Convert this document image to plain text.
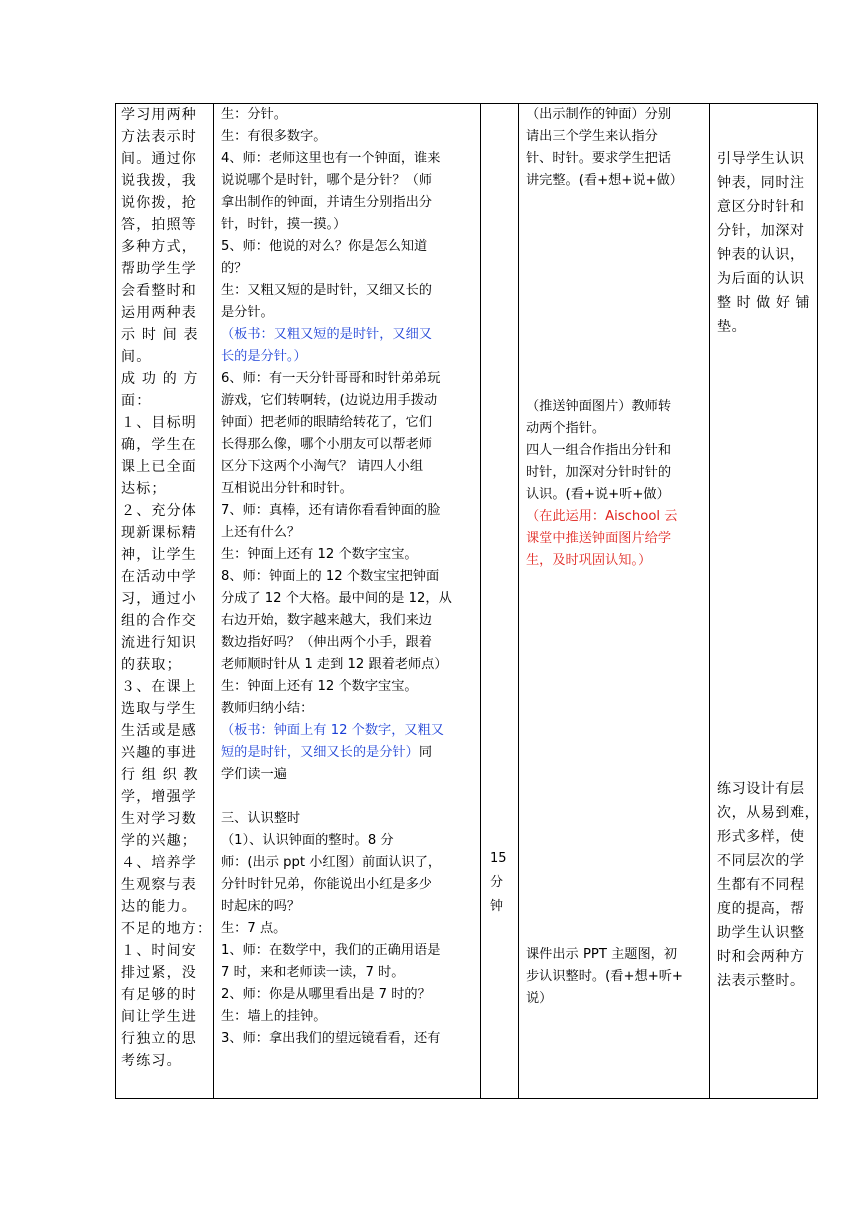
学习用两种
方法表示时
间。通过你
说我拨，我
说你拨，抢
答，拍照等
多种方式，
帮助学生学
会看整时和
运用两种表
示 时 间 表
间。
成 功 的 方
面：
１、目标明
确，学生在
课上已全面
达标；
２、充分体
现新课标精
神，让学生
在活动中学
习，通过小
组的合作交
流进行知识
的获取；
３、在课上
选取与学生
生活或是感
兴趣的事进
行 组 织 教
学，增强学
生对学习数
学的兴趣；
４、培养学
生观察与表
达的能力。
不足的地方：
１、时间安
排过紧，没
有足够的时
间让学生进
行独立的思
考练习。
生：分针。
生：有很多数字。
4、师：老师这里也有一个钟面，谁来
说说哪个是时针，哪个是分针？（师
拿出制作的钟面，并请生分别指出分
针，时针，摸一摸。）
5、师：他说的对么？你是怎么知道
的？
生：又粗又短的是时针，又细又长的
是分针。
（板书：又粗又短的是时针，又细又
长的是分针。）
6、师：有一天分针哥哥和时针弟弟玩
游戏，它们转啊转，(边说边用手拨动
钟面）把老师的眼睛给转花了，它们
长得那么像，哪个小朋友可以帮老师
区分下这两个小淘气？ 请四人小组
互相说出分针和时针。
7、师：真棒，还有请你看看钟面的脸
上还有什么？
生：钟面上还有 12 个数字宝宝。
8、师：钟面上的 12 个数宝宝把钟面
分成了 12 个大格。最中间的是 12，从
右边开始，数字越来越大，我们来边
数边指好吗？（伸出两个小手，跟着
老师顺时针从 1 走到 12 跟着老师点）
生：钟面上还有 12 个数字宝宝。
教师归纳小结：
（板书：钟面上有 12 个数字，又粗又
短的是时针，又细又长的是分针）同
学们读一遍
三、认识整时
（1）、认识钟面的整时。8 分
师：(出示 ppt 小红图）前面认识了，
分针时针兄弟，你能说出小红是多少
时起床的吗？
生：7 点。
1、师：在数学中，我们的正确用语是
7 时，来和老师读一读，7 时。
2、师：你是从哪里看出是 7 时的？
生：墙上的挂钟。
3、师：拿出我们的望远镜看看，还有
15
分
钟
（出示制作的钟面）分别
请出三个学生来认指分
针、时针。要求学生把话
讲完整。(看+想+说+做）
（推送钟面图片）教师转
动两个指针。
四人一组合作指出分针和
时针，加深对分针时针的
认识。(看+说+听+做）
（在此运用：Aischool 云
课堂中推送钟面图片给学
生，及时巩固认知。）
课件出示 PPT 主题图，初
步认识整时。(看+想+听+
说）
引导学生认识
钟表，同时注
意区分时针和
分针，加深对
钟表的认识，
为后面的认识
整 时 做 好 铺
垫。
练习设计有层
次，从易到难，
形式多样，使
不同层次的学
生都有不同程
度的提高，帮
助学生认识整
时和会两种方
法表示整时。
